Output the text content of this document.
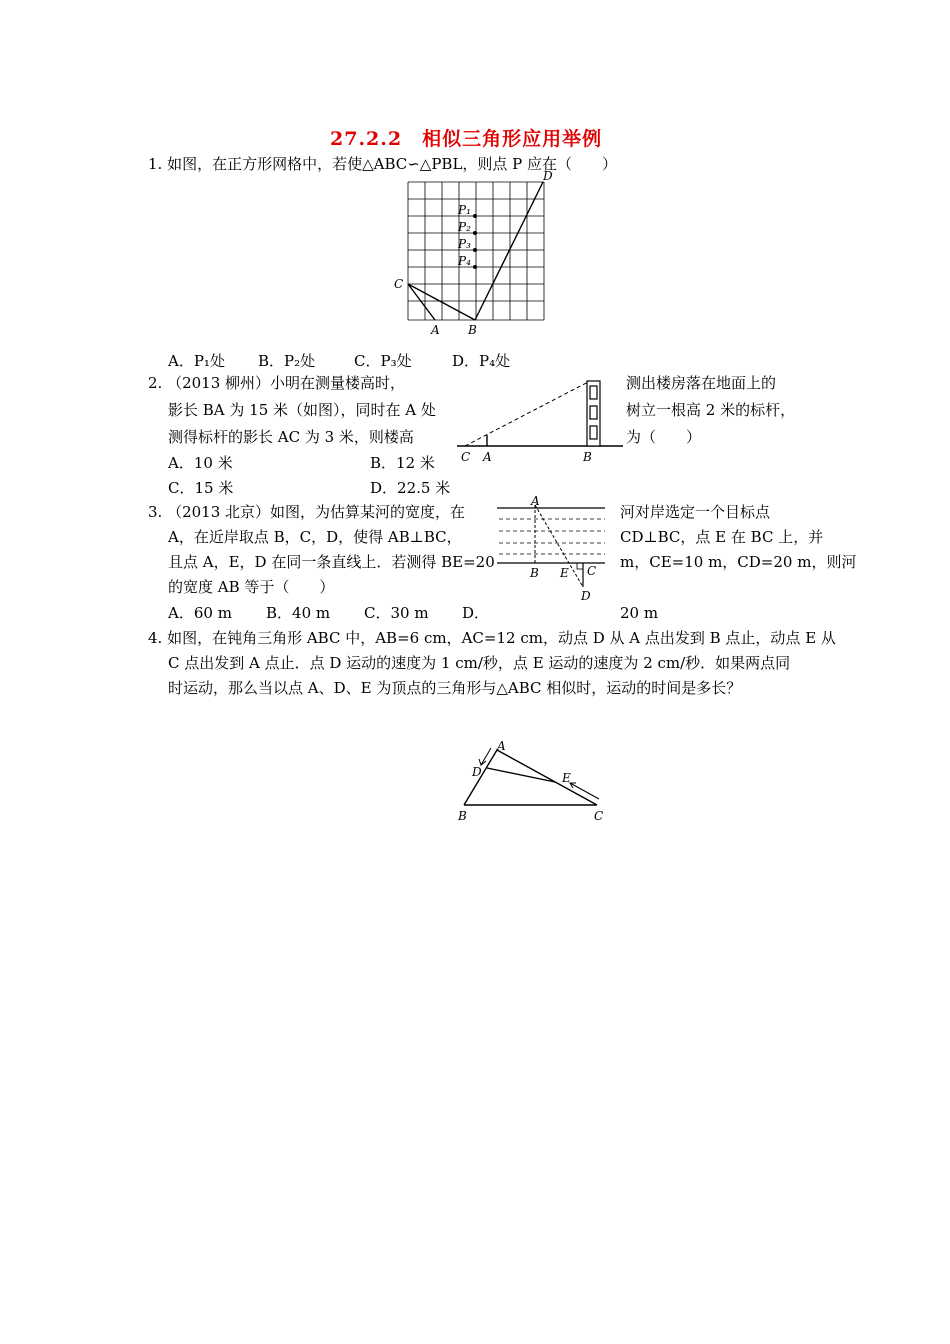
27.2.2　相似三角形应用举例
1. 如图，在正方形网格中，若使△ABC∽△PBL，则点 P 应在（　　）
D
C
A B
P₁
P₂
P₃
P₄
A．P₁处 B．P₂处	C．P₃处	D．P₄处
2. （2013 柳州）小明在测量楼高时，	测出楼房落在地面上的
影长 BA 为 15 米（如图），同时在 A 处	树立一根高 2 米的标杆，
测得标杆的影长 AC 为 3 米，则楼高	为（　　）
C A	B
A．10 米	B．12 米
C．15 米	D．22.5 米
3. （2013 北京）如图，为估算某河的宽度，在	河对岸选定一个目标点
A，在近岸取点 B，C，D，使得 AB⊥BC，	CD⊥BC，点 E 在 BC 上，并
且点 A，E，D 在同一条直线上．若测得 BE=20	m，CE=10 m，CD=20 m，则河
的宽度 AB 等于（　　）
A
B E C
D
A．60 m B．40 m C．30 m D．	20 m
4. 如图，在钝角三角形 ABC 中，AB=6 cm，AC=12 cm，动点 D 从 A 点出发到 B 点止，动点 E 从
C 点出发到 A 点止．点 D 运动的速度为 1 cm/秒，点 E 运动的速度为 2 cm/秒．如果两点同
时运动，那么当以点 A、D、E 为顶点的三角形与△ABC 相似时，运动的时间是多长？
A
D	E
B	C
